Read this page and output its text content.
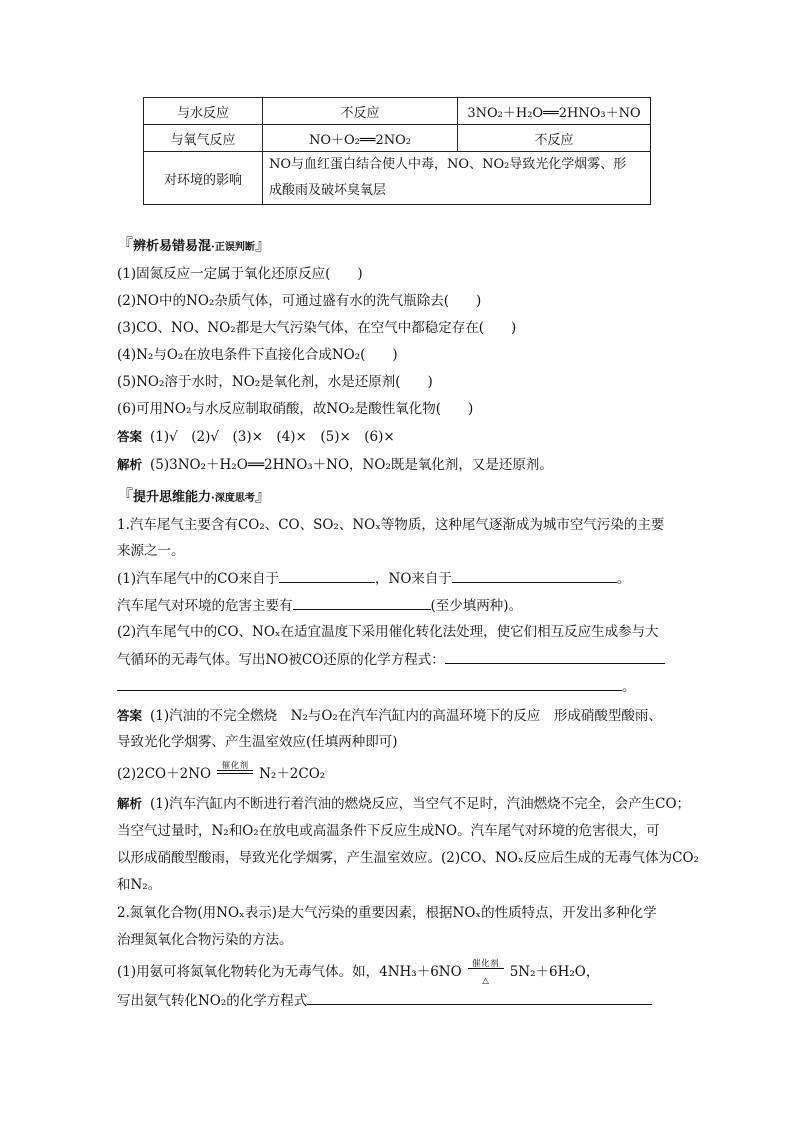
与水反应	不反应	3NO₂＋H₂O══2HNO₃＋NO
与氧气反应	NO＋O₂══2NO₂	不反应
对环境的影响	NO与血红蛋白结合使人中毒，NO、NO₂导致光化学烟雾、形
成酸雨及破坏臭氧层	
『辨析易错易混·正误判断』
(1)固氮反应一定属于氧化还原反应(　　)
(2)NO中的NO₂杂质气体，可通过盛有水的洗气瓶除去(　　)
(3)CO、NO、NO₂都是大气污染气体，在空气中都稳定存在(　　)
(4)N₂与O₂在放电条件下直接化合成NO₂(　　)
(5)NO₂溶于水时，NO₂是氧化剂，水是还原剂(　　)
(6)可用NO₂与水反应制取硝酸，故NO₂是酸性氧化物(　　)
答案 (1)√　(2)√　(3)×　(4)×　(5)×　(6)×
解析 (5)3NO₂＋H₂O══2HNO₃＋NO，NO₂既是氧化剂，又是还原剂。
『提升思维能力·深度思考』
1.汽车尾气主要含有CO₂、CO、SO₂、NOₓ等物质，这种尾气逐渐成为城市空气污染的主要
来源之一。
(1)汽车尾气中的CO来自于	，NO来自于	。
汽车尾气对环境的危害主要有	(至少填两种)。
(2)汽车尾气中的CO、NOₓ在适宜温度下采用催化转化法处理，使它们相互反应生成参与大
气循环的无毒气体。写出NO被CO还原的化学方程式：
。
答案 (1)汽油的不完全燃烧　N₂与O₂在汽车汽缸内的高温环境下的反应　形成硝酸型酸雨、
导致光化学烟雾、产生温室效应(任填两种即可)
(2)2CO＋2NO	催化剂 N₂＋2CO₂
解析 (1)汽车汽缸内不断进行着汽油的燃烧反应，当空气不足时，汽油燃烧不完全，会产生CO；
当空气过量时，N₂和O₂在放电或高温条件下反应生成NO。汽车尾气对环境的危害很大，可
以形成硝酸型酸雨，导致光化学烟雾，产生温室效应。(2)CO、NOₓ反应后生成的无毒气体为CO₂
和N₂。
2.氮氧化合物(用NOₓ表示)是大气污染的重要因素，根据NOₓ的性质特点，开发出多种化学
治理氮氧化合物污染的方法。
(1)用氨可将氮氧化物转化为无毒气体。如，4NH₃＋6NO	催化剂
△
5N₂＋6H₂O，
写出氨气转化NO₂的化学方程式
